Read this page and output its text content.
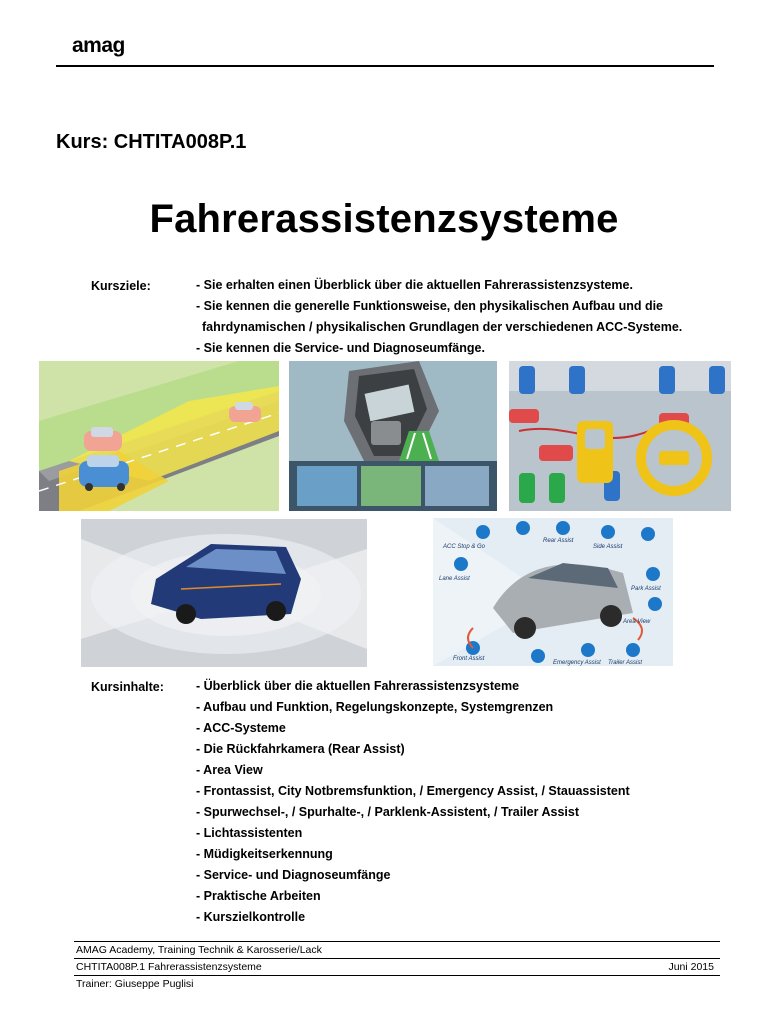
amag
Kurs: CHTITA008P.1
Fahrerassistenzsysteme
Kursziele:	- Sie erhalten einen Überblick über die aktuellen Fahrerassistenzsysteme.
- Sie kennen die generelle Funktionsweise, den physikalischen Aufbau und die
fahrdynamischen / physikalischen Grundlagen der verschiedenen ACC-Systeme.
- Sie kennen die Service- und Diagnoseumfänge.
ACC Stop & Go
Lane Assist
Side Assist
Rear Assist
Park Assist
Area View
Front Assist
Emergency Assist Trailer Assist
Kursinhalte:	- Überblick über die aktuellen Fahrerassistenzsysteme
- Aufbau und Funktion, Regelungskonzepte, Systemgrenzen
- ACC-Systeme
- Die Rückfahrkamera (Rear Assist)
- Area View
- Frontassist, City Notbremsfunktion, / Emergency Assist, / Stauassistent
- Spurwechsel-, / Spurhalte-, / Parklenk-Assistent, / Trailer Assist
- Lichtassistenten
- Müdigkeitserkennung
- Service- und Diagnoseumfänge
- Praktische Arbeiten
- Kurszielkontrolle
AMAG Academy, Training Technik & Karosserie/Lack
CHTITA008P.1 Fahrerassistenzsysteme	Juni 2015
Trainer: Giuseppe Puglisi
